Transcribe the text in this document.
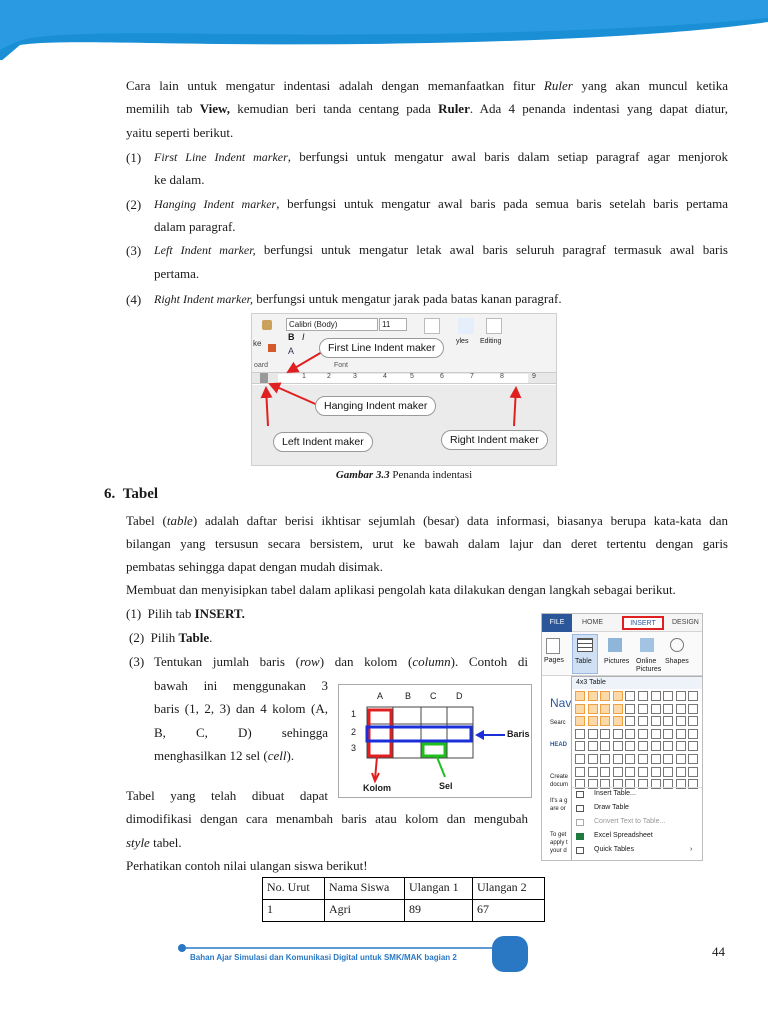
Cara lain untuk mengatur indentasi adalah dengan memanfaatkan fitur Ruler yang akan muncul ketika
memilih tab View, kemudian beri tanda centang pada Ruler. Ada 4 penanda indentasi yang dapat diatur,
yaitu seperti berikut.
(1) First Line Indent marker, berfungsi untuk mengatur awal baris dalam setiap paragraf agar menjorok
ke dalam.
(2) Hanging Indent marker, berfungsi untuk mengatur awal baris pada semua baris setelah baris pertama
dalam paragraf.
(3) Left Indent marker, berfungsi untuk mengatur letak awal baris seluruh paragraf termasuk awal baris
pertama.
(4) Right Indent marker, berfungsi untuk mengatur jarak pada batas kanan paragraf.
ke
oard
Calibri (Body)	11
B I
A
Font
yles Editing
1	2	3	4	5	6	7	8	9
First Line Indent maker
Hanging Indent maker
Left Indent maker	Right Indent maker
Gambar 3.3 Penanda indentasi
6. Tabel
Tabel (table) adalah daftar berisi ikhtisar sejumlah (besar) data informasi, biasanya berupa kata-kata dan
bilangan yang tersusun secara bersistem, urut ke bawah dalam lajur dan deret tertentu dengan garis
pembatas sehingga dapat dengan mudah disimak.
Membuat dan menyisipkan tabel dalam aplikasi pengolah kata dilakukan dengan langkah sebagai berikut.
(1) Pilih tab INSERT.
(2) Pilih Table.
(3) Tentukan jumlah baris (row) dan kolom (column). Contoh di
bawah ini menggunakan 3
baris (1, 2, 3) dan 4 kolom (A,
B, C, D) sehingga
menghasilkan 12 sel (cell).
A B C D
1
2
3
Baris
Kolom	Sel
Tabel yang telah dibuat dapat
dimodifikasi dengan cara menambah baris atau kolom dan mengubah
style tabel.
Perhatikan contoh nilai ulangan siswa berikut!
FILE	HOME	INSERT	DESIGN
Pages Table Pictures Online Pictures
Shapes
Nav
Searc
HEAD
Create
docum
It's a g
are or
To get
apply t
your d
4x3 Table
Insert Table...
Draw Table
Convert Text to Table...
Excel Spreadsheet
Quick Tables	›
No. Urut	Nama Siswa	Ulangan 1	Ulangan 2
1	Agri	89	67
Bahan Ajar Simulasi dan Komunikasi Digital untuk SMK/MAK bagian 2	44
